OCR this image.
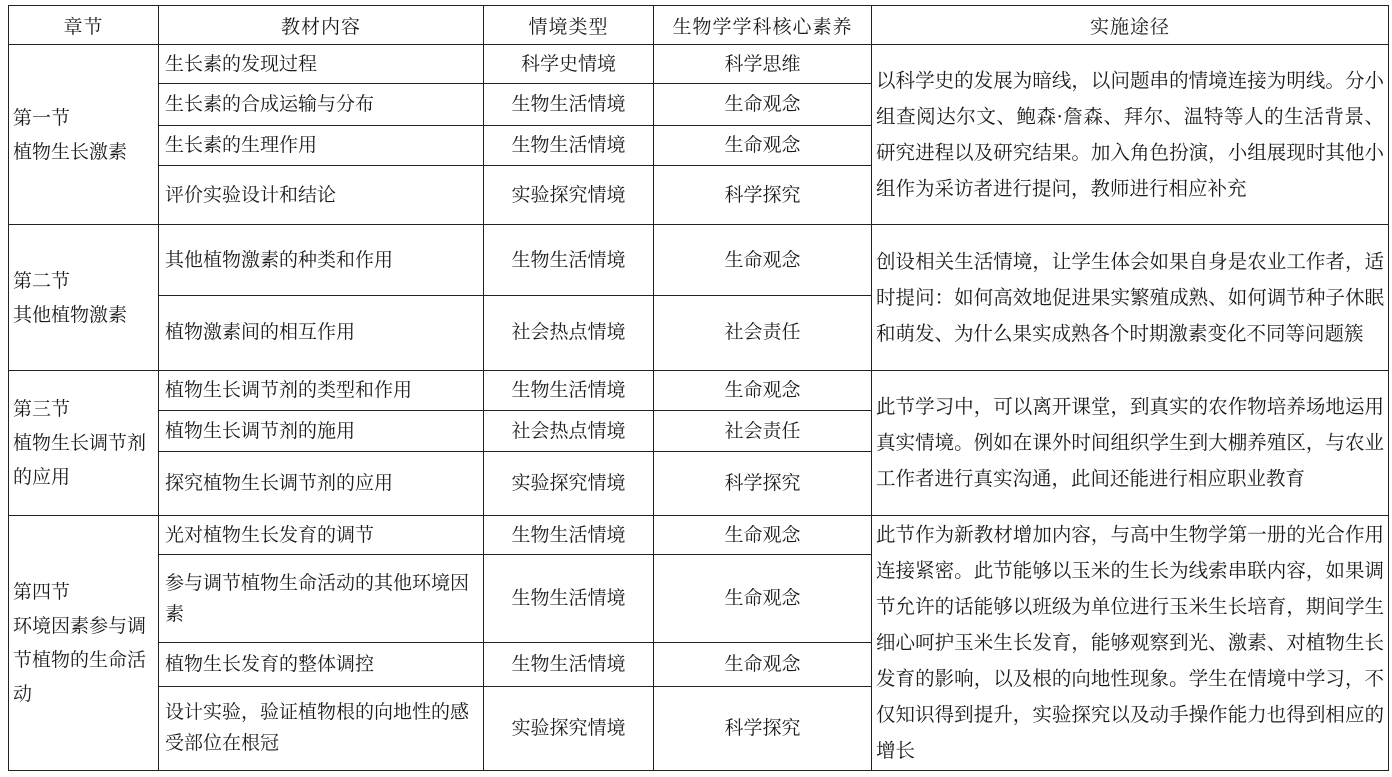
章节	教材内容	情境类型	生物学学科核心素养	实施途径

第一节
植物生长激素	生长素的发现过程	科学史情境	科学思维	以科学史的发展为暗线，以问题串的情境连接为明线。分小组查阅达尔文、鲍森·詹森、拜尔、温特等人的生活背景、研究进程以及研究结果。加入角色扮演，小组展现时其他小组作为采访者进行提问，教师进行相应补充
	生长素的合成运输与分布	生物生活情境	生命观念	
	生长素的生理作用	生物生活情境	生命观念	
	评价实验设计和结论	实验探究情境	科学探究	

第二节
其他植物激素	其他植物激素的种类和作用	生物生活情境	生命观念	创设相关生活情境，让学生体会如果自身是农业工作者，适时提问：如何高效地促进果实繁殖成熟、如何调节种子休眠和萌发、为什么果实成熟各个时期激素变化不同等问题簇
	植物激素间的相互作用	社会热点情境	社会责任	

第三节
植物生长调节剂的应用	植物生长调节剂的类型和作用	生物生活情境	生命观念	此节学习中，可以离开课堂，到真实的农作物培养场地运用真实情境。例如在课外时间组织学生到大棚养殖区，与农业工作者进行真实沟通，此间还能进行相应职业教育
	植物生长调节剂的施用	社会热点情境	社会责任	
	探究植物生长调节剂的应用	实验探究情境	科学探究	

第四节
环境因素参与调节植物的生命活动	光对植物生长发育的调节	生物生活情境	生命观念	此节作为新教材增加内容，与高中生物学第一册的光合作用连接紧密。此节能够以玉米的生长为线索串联内容，如果调节允许的话能够以班级为单位进行玉米生长培育，期间学生细心呵护玉米生长发育，能够观察到光、激素、对植物生长发育的影响，以及根的向地性现象。学生在情境中学习，不仅知识得到提升，实验探究以及动手操作能力也得到相应的增长
	参与调节植物生命活动的其他环境因素	生物生活情境	生命观念	
	植物生长发育的整体调控	生物生活情境	生命观念	
	设计实验，验证植物根的向地性的感受部位在根冠	实验探究情境	科学探究	
